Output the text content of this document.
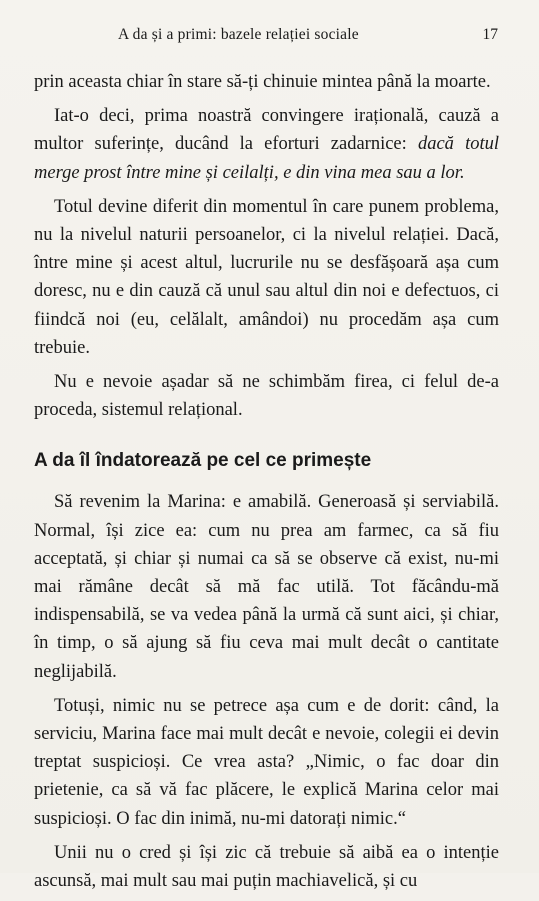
A da și a primi: bazele relației sociale	17

prin aceasta chiar în stare să-ți chinuie mintea până la moarte.

Iat-o deci, prima noastră convingere irațională, cauză a multor suferințe, ducând la eforturi zadarnice: dacă totul merge prost între mine și ceilalți, e din vina mea sau a lor.

Totul devine diferit din momentul în care punem problema, nu la nivelul naturii persoanelor, ci la nivelul relației. Dacă, între mine și acest altul, lucrurile nu se desfășoară așa cum doresc, nu e din cauză că unul sau altul din noi e defectuos, ci fiindcă noi (eu, celălalt, amândoi) nu procedăm așa cum trebuie.

Nu e nevoie așadar să ne schimbăm firea, ci felul de-a proceda, sistemul relațional.

A da îl îndatorează pe cel ce primește

Să revenim la Marina: e amabilă. Generoasă și serviabilă. Normal, își zice ea: cum nu prea am farmec, ca să fiu acceptată, și chiar și numai ca să se observe că exist, nu-mi mai rămâne decât să mă fac utilă. Tot făcându-mă indispensabilă, se va vedea până la urmă că sunt aici, și chiar, în timp, o să ajung să fiu ceva mai mult decât o cantitate neglijabilă.

Totuși, nimic nu se petrece așa cum e de dorit: când, la serviciu, Marina face mai mult decât e nevoie, colegii ei devin treptat suspicioși. Ce vrea asta? „Nimic, o fac doar din prietenie, ca să vă fac plăcere, le explică Marina celor mai suspicioși. O fac din inimă, nu-mi datorați nimic.“

Unii nu o cred și își zic că trebuie să aibă ea o intenție ascunsă, mai mult sau mai puțin machiavelică, și cu
